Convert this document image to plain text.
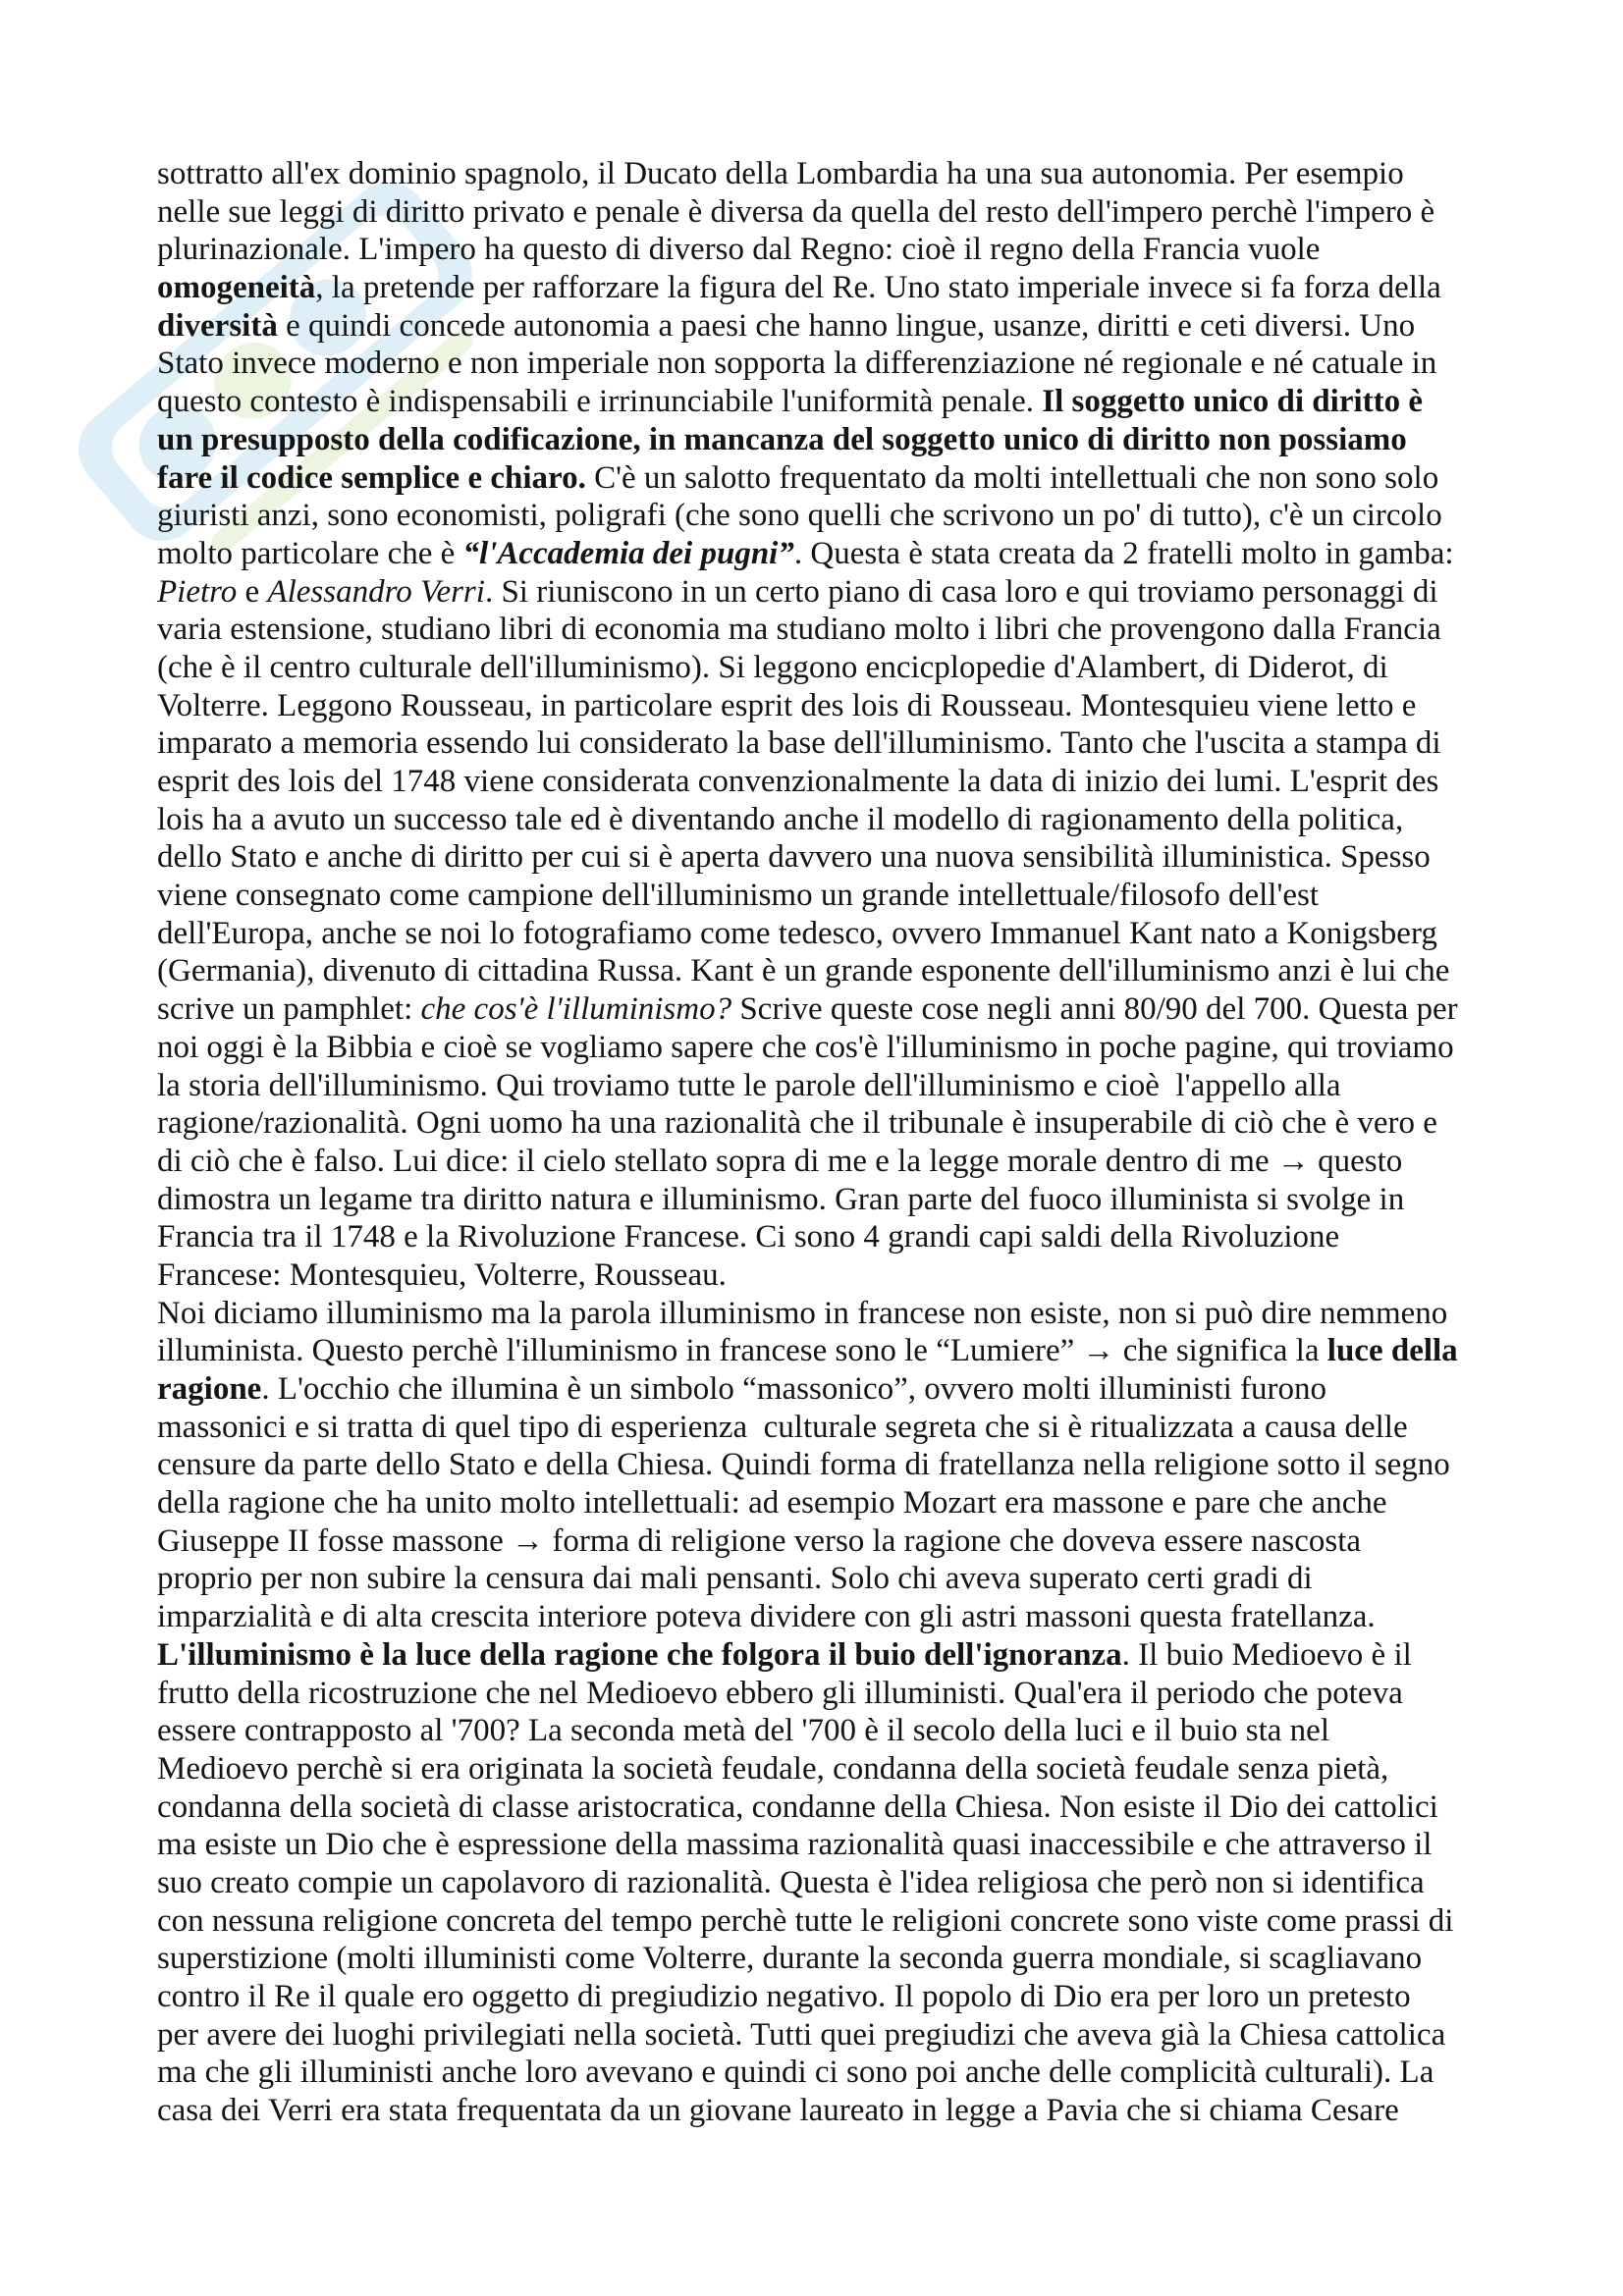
sottratto all'ex dominio spagnolo, il Ducato della Lombardia ha una sua autonomia. Per esempio
nelle sue leggi di diritto privato e penale è diversa da quella del resto dell'impero perchè l'impero è
plurinazionale. L'impero ha questo di diverso dal Regno: cioè il regno della Francia vuole
omogeneità, la pretende per rafforzare la figura del Re. Uno stato imperiale invece si fa forza della
diversità e quindi concede autonomia a paesi che hanno lingue, usanze, diritti e ceti diversi. Uno
Stato invece moderno e non imperiale non sopporta la differenziazione né regionale e né catuale in
questo contesto è indispensabili e irrinunciabile l'uniformità penale. Il soggetto unico di diritto è
un presupposto della codificazione, in mancanza del soggetto unico di diritto non possiamo
fare il codice semplice e chiaro. C'è un salotto frequentato da molti intellettuali che non sono solo
giuristi anzi, sono economisti, poligrafi (che sono quelli che scrivono un po' di tutto), c'è un circolo
molto particolare che è “l'Accademia dei pugni”. Questa è stata creata da 2 fratelli molto in gamba:
Pietro e Alessandro Verri. Si riuniscono in un certo piano di casa loro e qui troviamo personaggi di
varia estensione, studiano libri di economia ma studiano molto i libri che provengono dalla Francia
(che è il centro culturale dell'illuminismo). Si leggono encicplopedie d'Alambert, di Diderot, di
Volterre. Leggono Rousseau, in particolare esprit des lois di Rousseau. Montesquieu viene letto e
imparato a memoria essendo lui considerato la base dell'illuminismo. Tanto che l'uscita a stampa di
esprit des lois del 1748 viene considerata convenzionalmente la data di inizio dei lumi. L'esprit des
lois ha a avuto un successo tale ed è diventando anche il modello di ragionamento della politica,
dello Stato e anche di diritto per cui si è aperta davvero una nuova sensibilità illuministica. Spesso
viene consegnato come campione dell'illuminismo un grande intellettuale/filosofo dell'est
dell'Europa, anche se noi lo fotografiamo come tedesco, ovvero Immanuel Kant nato a Konigsberg
(Germania), divenuto di cittadina Russa. Kant è un grande esponente dell'illuminismo anzi è lui che
scrive un pamphlet: che cos'è l'illuminismo? Scrive queste cose negli anni 80/90 del 700. Questa per
noi oggi è la Bibbia e cioè se vogliamo sapere che cos'è l'illuminismo in poche pagine, qui troviamo
la storia dell'illuminismo. Qui troviamo tutte le parole dell'illuminismo e cioè  l'appello alla
ragione/razionalità. Ogni uomo ha una razionalità che il tribunale è insuperabile di ciò che è vero e
di ciò che è falso. Lui dice: il cielo stellato sopra di me e la legge morale dentro di me → questo
dimostra un legame tra diritto natura e illuminismo. Gran parte del fuoco illuminista si svolge in
Francia tra il 1748 e la Rivoluzione Francese. Ci sono 4 grandi capi saldi della Rivoluzione
Francese: Montesquieu, Volterre, Rousseau.
Noi diciamo illuminismo ma la parola illuminismo in francese non esiste, non si può dire nemmeno
illuminista. Questo perchè l'illuminismo in francese sono le “Lumiere” → che significa la luce della
ragione. L'occhio che illumina è un simbolo “massonico”, ovvero molti illuministi furono
massonici e si tratta di quel tipo di esperienza  culturale segreta che si è ritualizzata a causa delle
censure da parte dello Stato e della Chiesa. Quindi forma di fratellanza nella religione sotto il segno
della ragione che ha unito molto intellettuali: ad esempio Mozart era massone e pare che anche
Giuseppe II fosse massone → forma di religione verso la ragione che doveva essere nascosta
proprio per non subire la censura dai mali pensanti. Solo chi aveva superato certi gradi di
imparzialità e di alta crescita interiore poteva dividere con gli astri massoni questa fratellanza.
L'illuminismo è la luce della ragione che folgora il buio dell'ignoranza. Il buio Medioevo è il
frutto della ricostruzione che nel Medioevo ebbero gli illuministi. Qual'era il periodo che poteva
essere contrapposto al '700? La seconda metà del '700 è il secolo della luci e il buio sta nel
Medioevo perchè si era originata la società feudale, condanna della società feudale senza pietà,
condanna della società di classe aristocratica, condanne della Chiesa. Non esiste il Dio dei cattolici
ma esiste un Dio che è espressione della massima razionalità quasi inaccessibile e che attraverso il
suo creato compie un capolavoro di razionalità. Questa è l'idea religiosa che però non si identifica
con nessuna religione concreta del tempo perchè tutte le religioni concrete sono viste come prassi di
superstizione (molti illuministi come Volterre, durante la seconda guerra mondiale, si scagliavano
contro il Re il quale ero oggetto di pregiudizio negativo. Il popolo di Dio era per loro un pretesto
per avere dei luoghi privilegiati nella società. Tutti quei pregiudizi che aveva già la Chiesa cattolica
ma che gli illuministi anche loro avevano e quindi ci sono poi anche delle complicità culturali). La
casa dei Verri era stata frequentata da un giovane laureato in legge a Pavia che si chiama Cesare
